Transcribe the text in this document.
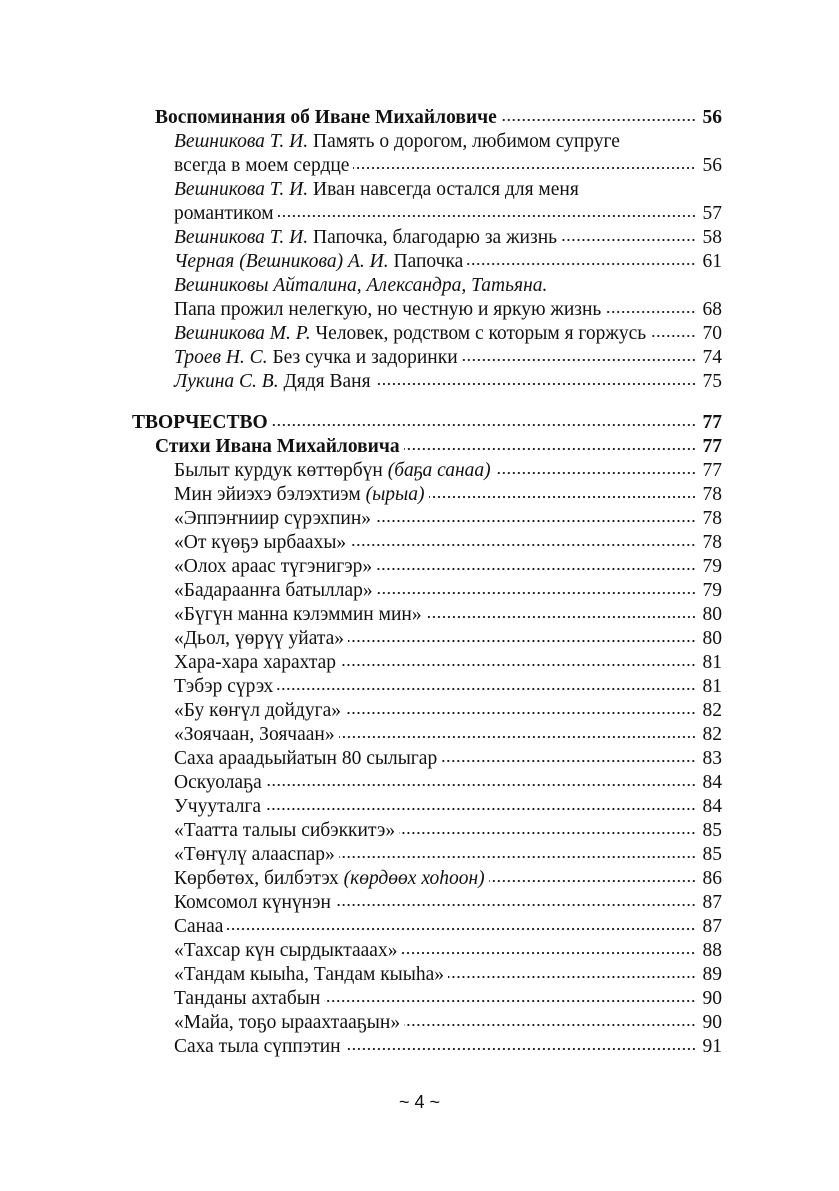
Воспоминания об Иване Михайловиче	56
Вешникова Т. И. Память о дорогом, любимом супруге
всегда в моем сердце	56
Вешникова Т. И. Иван навсегда остался для меня
романтиком	57
Вешникова Т. И. Папочка, благодарю за жизнь	58
Черная (Вешникова) А. И. Папочка	61
Вешниковы Айталина, Александра, Татьяна.
Папа прожил нелегкую, но честную и яркую жизнь	68
Вешникова М. Р. Человек, родством с которым я горжусь	70
Троев Н. С. Без сучка и задоринки	74
Лукина С. В. Дядя Ваня	75
ТВОРЧЕСТВО	77
Стихи Ивана Михайловича	77
Былыт курдук көттөрбүн (баҕа санаа)	77
Мин эйиэхэ бэлэхтиэм (ырыа)	78
«Эппэҥниир сүрэхпин»	78
«От күөҕэ ырбаахы»	78
«Олох араас түгэнигэр»	79
«Бадараанҥа батыллар»	79
«Бүгүн манна кэлэммин мин»	80
«Дьол, үөрүү уйата»	80
Хара-хара харахтар	81
Тэбэр сүрэх	81
«Бу көҥүл дойдуга»	82
«Зоячаан, Зоячаан»	82
Саха араадьыйатын 80 сылыгар	83
Оскуолаҕа	84
Учууталга	84
«Таатта талыы сибэккитэ»	85
«Төҥүлү алааспар»	85
Көрбөтөх, билбэтэх (көрдөөх хоһоон)	86
Комсомол күнүнэн	87
Санаа	87
«Тахсар күн сырдыктааах»	88
«Тандам кыыһа, Тандам кыыһа»	89
Танданы ахтабын	90
«Майа, тоҕо ыраахтааҕын»	90
Саха тыла сүппэтин	91
~ 4 ~
